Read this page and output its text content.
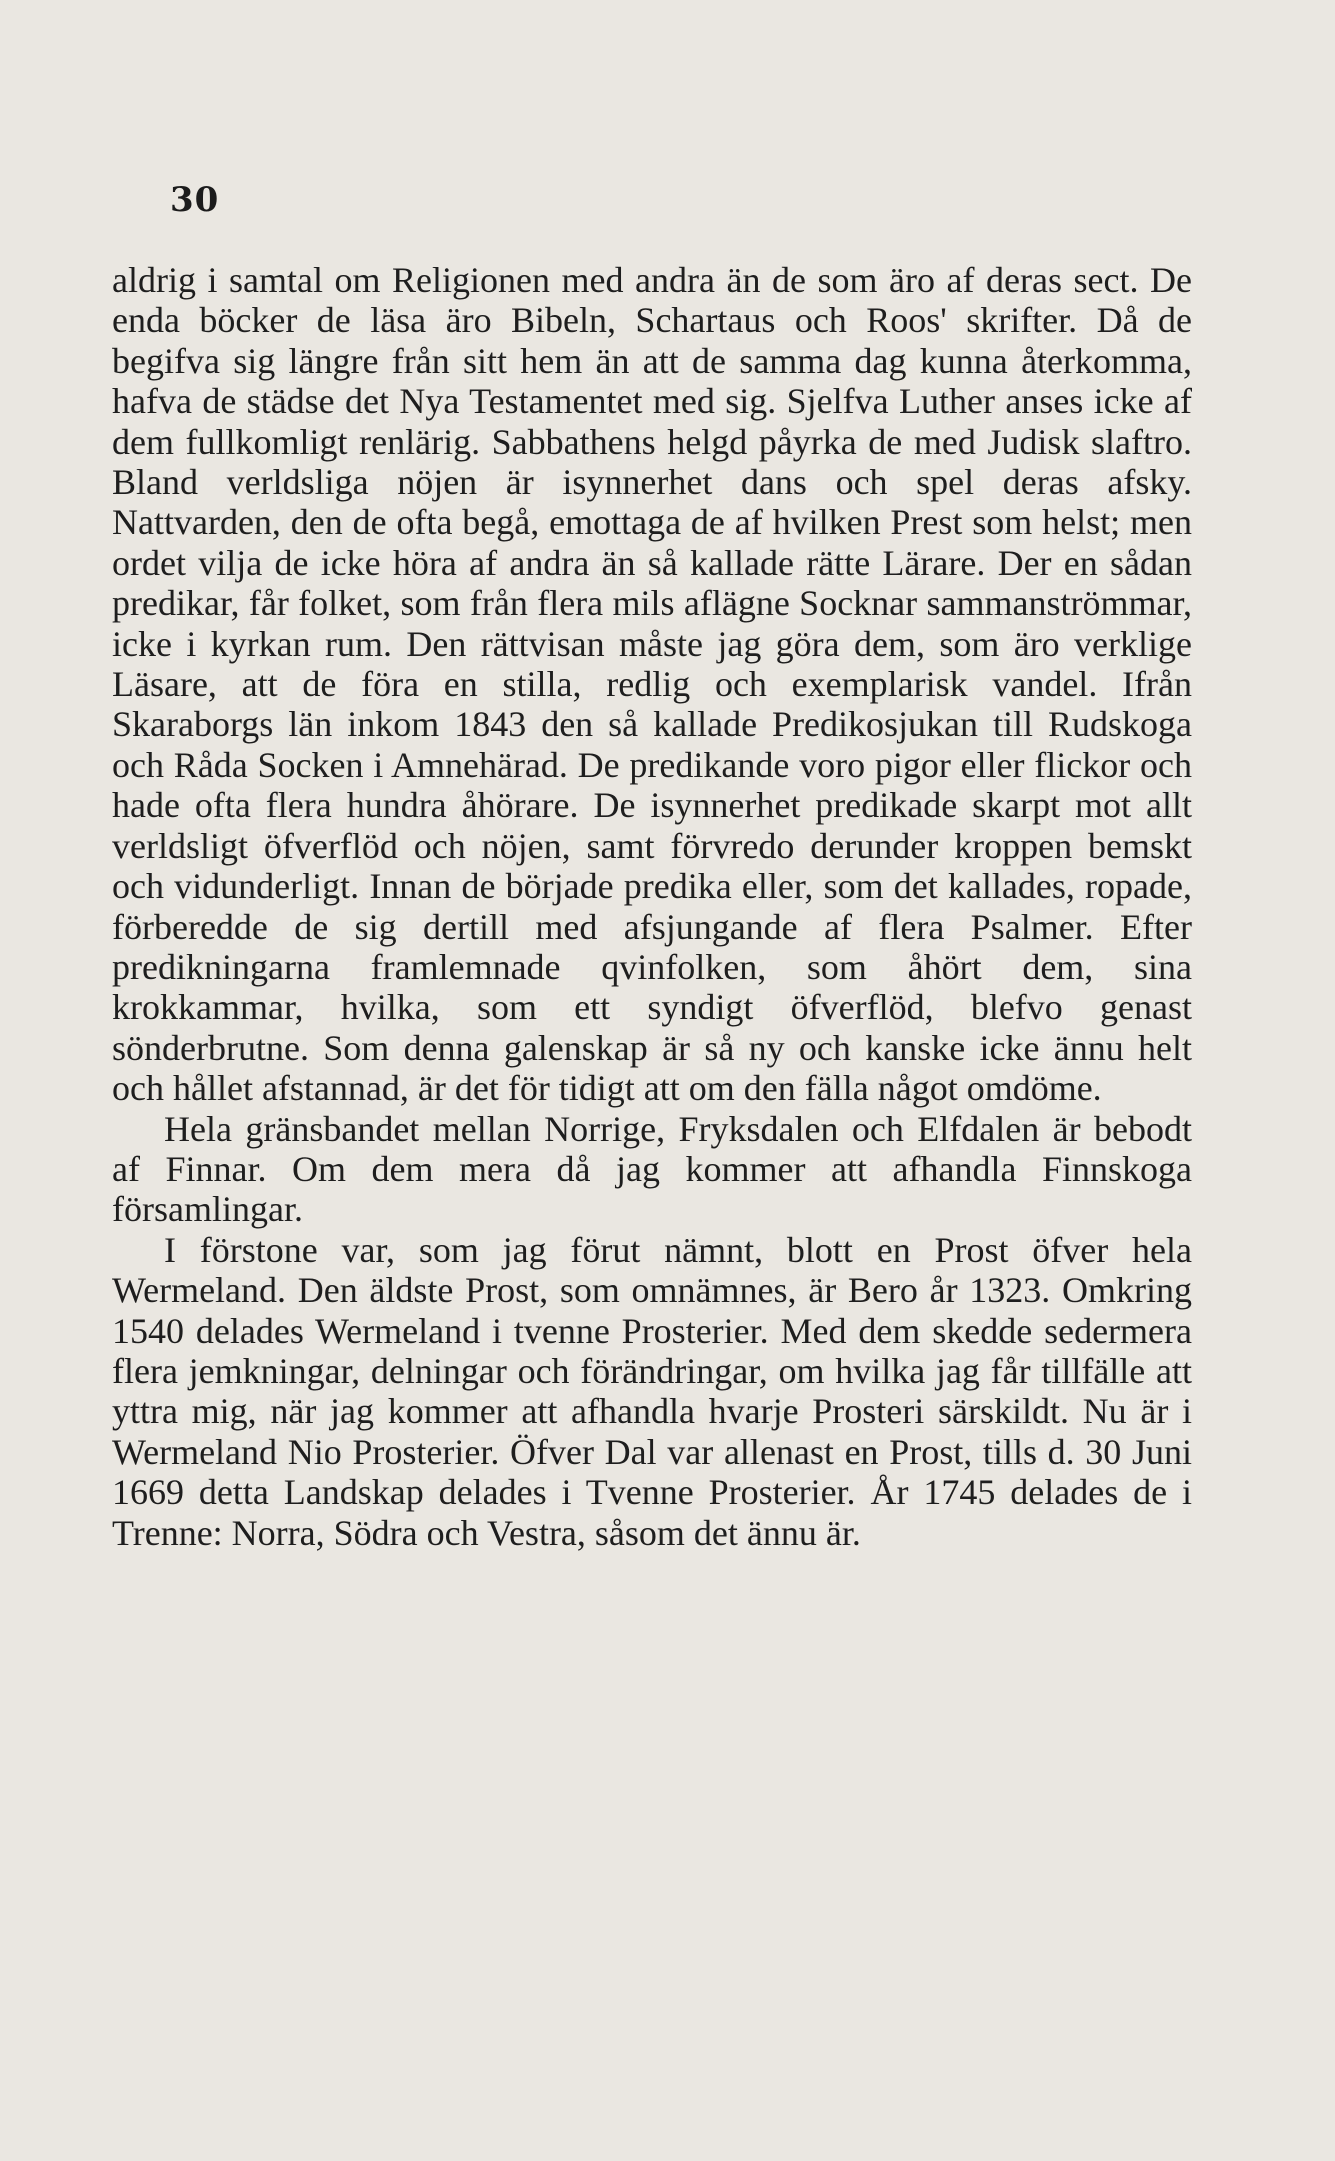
30

aldrig i samtal om Religionen med andra än de som äro af deras sect. De enda böcker de läsa äro Bibeln, Schartaus och Roos' skrifter. Då de begifva sig längre från sitt hem än att de samma dag kunna återkomma, hafva de städse det Nya Testamentet med sig. Sjelfva Luther anses icke af dem fullkomligt renlärig. Sabbathens helgd påyrka de med Judisk slaftro. Bland verldsliga nöjen är isynnerhet dans och spel deras afsky. Nattvarden, den de ofta begå, emottaga de af hvilken Prest som helst; men ordet vilja de icke höra af andra än så kallade rätte Lärare. Der en sådan predikar, får folket, som från flera mils aflägne Socknar sammanströmmar, icke i kyrkan rum. Den rättvisan måste jag göra dem, som äro verklige Läsare, att de föra en stilla, redlig och exemplarisk vandel. Ifrån Skaraborgs län inkom 1843 den så kallade Predikosjukan till Rudskoga och Råda Socken i Amnehärad. De predikande voro pigor eller flickor och hade ofta flera hundra åhörare. De isynnerhet predikade skarpt mot allt verldsligt öfverflöd och nöjen, samt förvredo derunder kroppen bemskt och vidunderligt. Innan de började predika eller, som det kallades, ropade, förberedde de sig dertill med afsjungande af flera Psalmer. Efter predikningarna framlemnade qvinfolken, som åhört dem, sina krokkammar, hvilka, som ett syndigt öfverflöd, blefvo genast sönderbrutne. Som denna galenskap är så ny och kanske icke ännu helt och hållet afstannad, är det för tidigt att om den fälla något omdöme.

Hela gränsbandet mellan Norrige, Fryksdalen och Elfdalen är bebodt af Finnar. Om dem mera då jag kommer att afhandla Finnskoga församlingar.

I förstone var, som jag förut nämnt, blott en Prost öfver hela Wermeland. Den äldste Prost, som omnämnes, är Bero år 1323. Omkring 1540 delades Wermeland i tvenne Prosterier. Med dem skedde sedermera flera jemkningar, delningar och förändringar, om hvilka jag får tillfälle att yttra mig, när jag kommer att afhandla hvarje Prosteri särskildt. Nu är i Wermeland Nio Prosterier. Öfver Dal var allenast en Prost, tills d. 30 Juni 1669 detta Landskap delades i Tvenne Prosterier. År 1745 delades de i Trenne: Norra, Södra och Vestra, såsom det ännu är.
